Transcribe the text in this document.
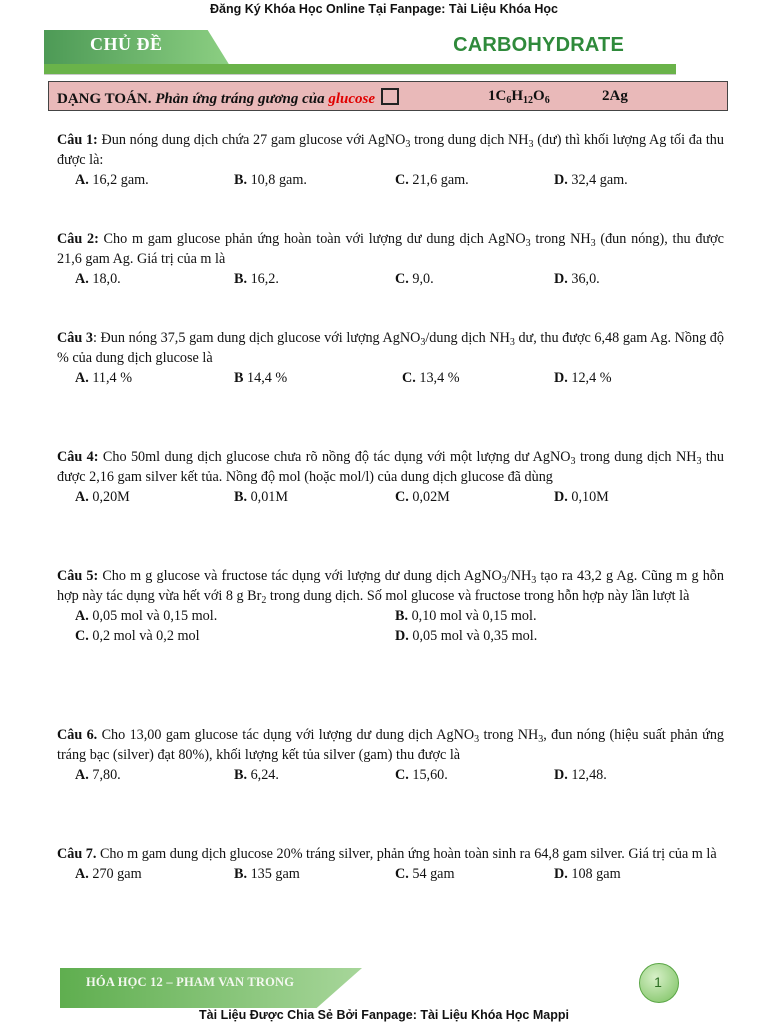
Đăng Ký Khóa Học Online Tại Fanpage: Tài Liệu Khóa Học
CHỦ ĐỀ	CARBOHYDRATE
DẠNG TOÁN. Phản ứng tráng gương của glucose	$1C_6H_{12}O_6$	2Ag
Câu 1: Đun nóng dung dịch chứa 27 gam glucose với AgNO$_3$ trong dung dịch $NH_3$ (dư) thì khối lượng Ag tối đa thu được là:
A. 16,2 gam.	B. 10,8 gam.	C. 21,6 gam.	D. 32,4 gam.
Câu 2: Cho m gam glucose phản ứng hoàn toàn với lượng dư dung dịch AgNO$_3$ trong $NH_3$ (đun nóng), thu được 21,6 gam Ag. Giá trị của m là
A. 18,0.	B. 16,2.	C. 9,0.	D. 36,0.
Câu 3: Đun nóng 37,5 gam dung dịch glucose với lượng AgNO$_3$/dung dịch $NH_3$ dư, thu được 6,48 gam Ag. Nồng độ % của dung dịch glucose là
A. 11,4 %	B 14,4 %	C. 13,4 %	D. 12,4 %
Câu 4: Cho 50ml dung dịch glucose chưa rõ nồng độ tác dụng với một lượng dư AgNO$_3$ trong dung dịch $NH_3$ thu được 2,16 gam silver kết tủa. Nồng độ mol (hoặc mol/l) của dung dịch glucose đã dùng
A. 0,20M	B. 0,01M	C. 0,02M	D. 0,10M
Câu 5: Cho m g glucose và fructose tác dụng với lượng dư dung dịch $AgNO_3/NH_3$ tạo ra 43,2 g Ag. Cũng m g hỗn hợp này tác dụng vừa hết với 8 g $Br_2$ trong dung dịch. Số mol glucose và fructose trong hỗn hợp này lần lượt là
A. 0,05 mol và 0,15 mol.	B. 0,10 mol và 0,15 mol.
C. 0,2 mol và 0,2 mol	D. 0,05 mol và 0,35 mol.
Câu 6. Cho 13,00 gam glucose tác dụng với lượng dư dung dịch AgNO$_3$ trong $NH_3$, đun nóng (hiệu suất phản ứng tráng bạc (silver) đạt 80%), khối lượng kết tủa silver (gam) thu được là
A. 7,80.	B. 6,24.	C. 15,60.	D. 12,48.
Câu 7. Cho m gam dung dịch glucose 20% tráng silver, phản ứng hoàn toàn sinh ra 64,8 gam silver. Giá trị của m là
A. 270 gam	B. 135 gam	C. 54 gam	D. 108 gam
HÓA HỌC 12 – PHAM VAN TRONG	1
Tài Liệu Được Chia Sẻ Bởi Fanpage: Tài Liệu Khóa Học Mappi
